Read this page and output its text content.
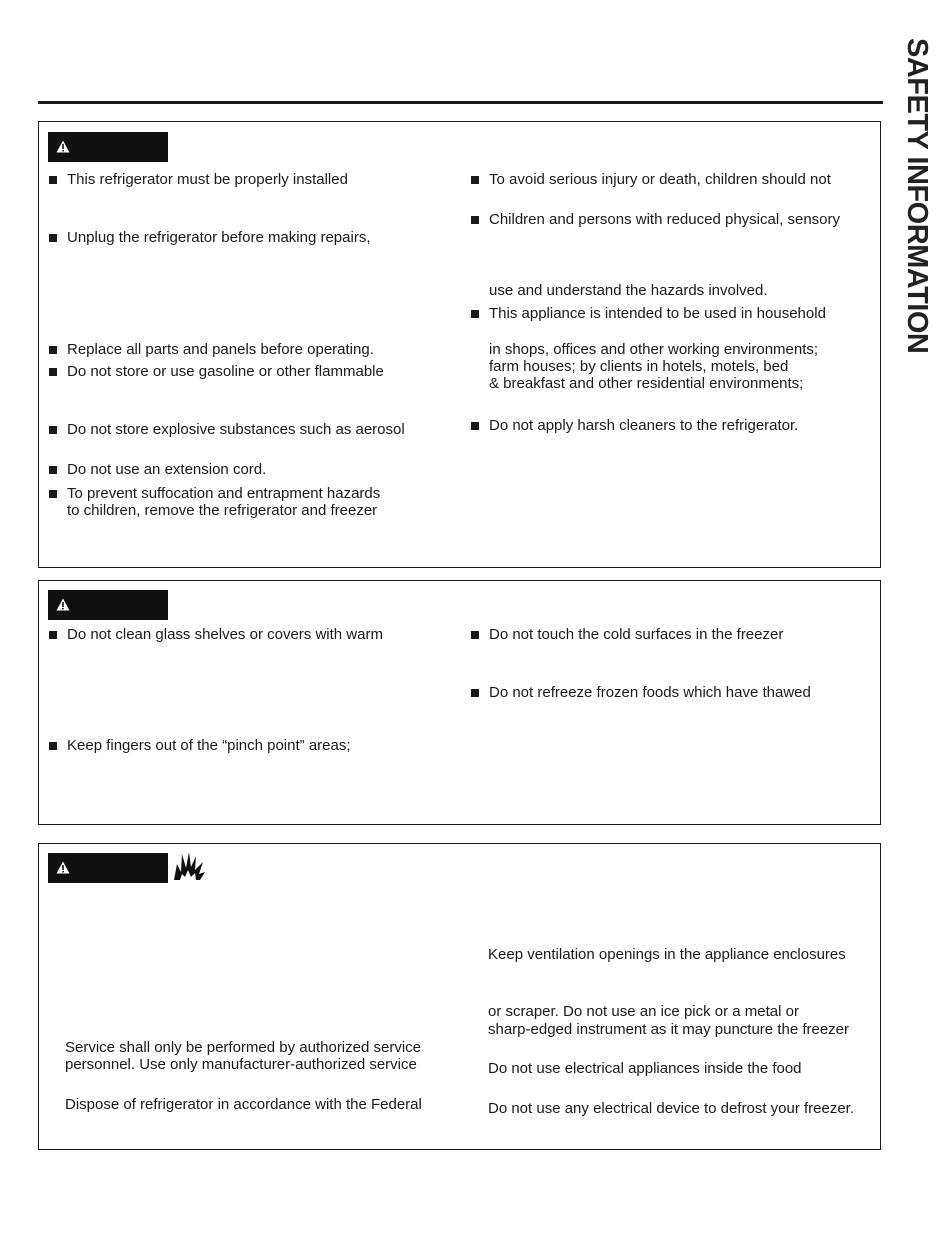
SAFETY INFORMATION
This refrigerator must be properly installed
Unplug the refrigerator before making repairs,
Replace all parts and panels before operating.
Do not store or use gasoline or other flammable
Do not store explosive substances such as aerosol
Do not use an extension cord.
To prevent suffocation and entrapment hazards
to children, remove the refrigerator and freezer
To avoid serious injury or death, children should not
Children and persons with reduced physical, sensory
use and understand the hazards involved.
This appliance is intended to be used in household
in shops, offices and other working environments;
farm houses; by clients in hotels, motels, bed
& breakfast and other residential environments;
Do not apply harsh cleaners to the refrigerator.
Do not clean glass shelves or covers with warm
Keep fingers out of the “pinch point” areas;
Do not touch the cold surfaces in the freezer
Do not refreeze frozen foods which have thawed
Service shall only be performed by authorized service
personnel. Use only manufacturer-authorized service
Dispose of refrigerator in accordance with the Federal
Keep ventilation openings in the appliance enclosures
or scraper. Do not use an ice pick or a metal or
sharp-edged instrument as it may puncture the freezer
Do not use electrical appliances inside the food
Do not use any electrical device to defrost your freezer.
